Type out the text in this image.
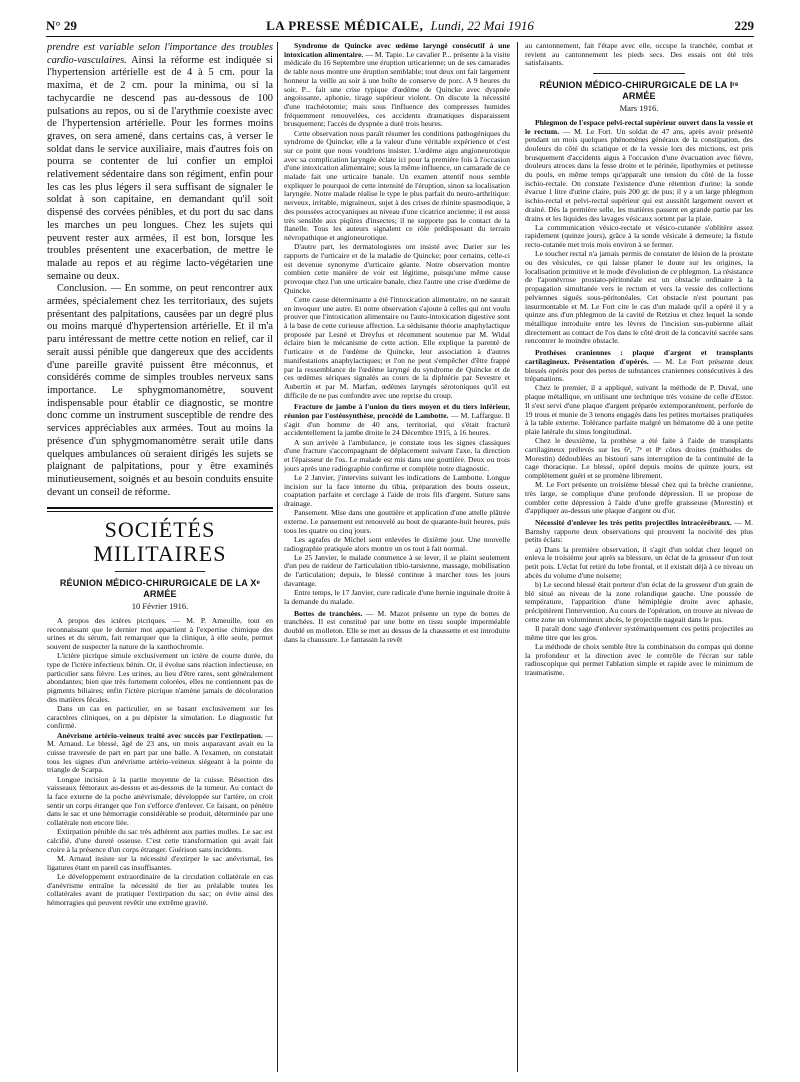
N° 29	LA PRESSE MÉDICALE, Lundi, 22 Mai 1916	229

prendre est variable selon l'importance des troubles cardio-vasculaires. Ainsi la réforme est indiquée si l'hypertension artérielle est de 4 à 5 cm. pour la maxima, et de 2 cm. pour la minima, ou si la tachycardie ne descend pas au-dessous de 100 pulsations au repos, ou si de l'arythmie coexiste avec de l'hypertension artérielle. Pour les formes moins graves, on sera amené, dans certains cas, à verser le soldat dans le service auxiliaire, mais d'autres fois on pourra se contenter de lui confier un emploi relativement sédentaire dans son régiment, enfin pour les cas les plus légers il sera suffisant de signaler le soldat à son capitaine, en demandant qu'il soit dispensé des corvées pénibles, et du port du sac dans les marches un peu longues. Chez les sujets qui peuvent rester aux armées, il est bon, lorsque les troubles présentent une exacerbation, de mettre le malade au repos et au régime lacto-végétarien une semaine ou deux.

Conclusion. — En somme, on peut rencontrer aux armées, spécialement chez les territoriaux, des sujets présentant des palpitations, causées par un degré plus ou moins marqué d'hypertension artérielle. Et il m'a paru intéressant de mettre cette notion en relief, car il serait aussi pénible que dangereux que des accidents d'une pareille gravité puissent être méconnus, et considérés comme de simples troubles nerveux sans importance. Le sphygmomanomètre, souvent indispensable pour établir ce diagnostic, se montre donc comme un instrument susceptible de rendre des services appréciables aux armées. Tout au moins la présence d'un sphygmomanomètre serait utile dans quelques ambulances où seraient dirigés les sujets se plaignant de palpitations, pour y être examinés minutieusement, soignés et au besoin conduits ensuite devant un conseil de réforme.

SOCIÉTÉS MILITAIRES
RÉUNION MÉDICO-CHIRURGICALE DE LA Xᵉ ARMÉE
10 Février 1916.

A propos des ictères picriques. — M. P. Ameuille, tout en reconnaissant que le dernier mot appartient à l'expertise chimique des urines et du sérum, fait remarquer que la clinique, à elle seule, permet souvent de suspecter la nature de la xanthochromie.

L'ictère picrique simule exclusivement un ictère de courte durée, du type de l'ictère infectieux bénin. Or, il évolue sans réaction infectieuse, en particulier sans fièvre. Les urines, au lieu d'être rares, sont généralement abondantes; bien que très fortement colorées, elles ne contiennent pas de pigments biliaires; enfin l'ictère picrique n'amène jamais de décoloration des matières fécales.

Dans un cas en particulier, en se basant exclusivement sur les caractères cliniques, on a pu dépister la simulation. Le diagnostic fut confirmé.

Anévrisme artério-veineux traité avec succès par l'extirpation. — M. Arnaud. Le blessé, âgé de 23 ans, un mois auparavant avait eu la cuisse traversée de part en part par une balle. A l'examen, on constatait tous les signes d'un anévrisme artério-veineux siégeant à la pointe du triangle de Scarpa.

Longue incision à la partie moyenne de la cuisse. Résection des vaisseaux fémoraux au-dessus et au-dessous de la tumeur. Au contact de la face externe de la poche anévrismale, développée sur l'artère, on croit sentir un corps étranger que l'on s'efforce d'enlever. Ce faisant, on pénètre dans le sac et une hémorragie considérable se produit, déterminée par une collatérale non encore liée.

Extirpation pénible du sac très adhérent aux parties molles. Le sac est calcifié, d'une dureté osseuse. C'est cette transformation qui avait fait croire à la présence d'un corps étranger. Guérison sans incidents.

M. Arnaud insiste sur la nécessité d'extirper le sac anévrismal, les ligatures étant en pareil cas insuffisantes.

Le développement extraordinaire de la circulation collatérale en cas d'anévrisme entraîne la nécessité de lier au préalable toutes les collatérales avant de pratiquer l'extirpation du sac; on évite ainsi des hémorragies qui peuvent revêtir une extrême gravité.

Syndrome de Quincke avec œdème laryngé consécutif à une intoxication alimentaire. — M. Tapie. Le cavalier P... présente à la visite médicale du 16 Septembre une éruption urticarienne; un de ses camarades de table nous montre une éruption semblable; tout deux ont fait largement honneur la veille au soir à une boîte de conserve de porc. A 9 heures du soir, P... fait une crise typique d'œdème de Quincke avec dyspnée angoissante, aphonie, tirage supérieur violent. On discute la nécessité d'une trachéotomie; mais sous l'influence des compresses humides fréquemment renouvelées, ces accidents dramatiques disparaissent brusquement; l'accès de dyspnée a duré trois heures.

Cette observation nous paraît résumer les conditions pathogéniques du syndrome de Quincke; elle a la valeur d'une véritable expérience et c'est sur ce point que nous voudrions insister. L'œdème aigu angioneurotique avec sa complication laryngée éclate ici pour la première fois à l'occasion d'une intoxication alimentaire; sous la même influence, un camarade de ce malade fait une urticaire banale. Un examen attentif nous semble expliquer le pourquoi de cette intensité de l'éruption, sinon sa localisation laryngée. Notre malade réalise le type le plus parfait du neuro-arthritique: nerveux, irritable, migraineux, sujet à des crises de rhinite spasmodique, à des poussées acrocyaniques au niveau d'une cicatrice ancienne; il est aussi très sensible aux piqûres d'insectes; il ne supporte pas le contact de la flanelle. Tous les auteurs signalent ce rôle prédisposant du terrain névropathique et angioneurotique.

D'autre part, les dermatologistes ont insisté avec Darier sur les rapports de l'urticaire et de la maladie de Quincke; pour certains, celle-ci est devenue synonyme d'urticaire géante. Notre observation montre combien cette manière de voir est légitime, puisqu'une même cause provoque chez l'un une urticaire banale, chez l'autre une crise d'œdème de Quincke.

Cette cause déterminante a été l'intoxication alimentaire, on ne saurait en invoquer une autre. Et notre observation s'ajoute à celles qui ont voulu prouver que l'intoxication alimentaire ou l'auto-intoxication digestive sont à la base de cette curieuse affection. La séduisante théorie anaphylactique proposée par Lesné et Dreyfus et récemment soutenue par M. Widal éclaire bien le mécanisme de cette action. Elle explique la parenté de l'urticaire et de l'œdème de Quincke, leur association à d'autres manifestations anaphylactiques; et l'on ne peut s'empêcher d'être frappé par la ressemblance de l'œdème laryngé du syndrome de Quincke et de ces œdèmes sériques signalés au cours de la diphtérie par Sevestre et Aubertin et par M. Marfan, œdèmes laryngés sérotoniques qu'il est difficile de ne pas confondre avec une reprise du croup.

Fracture de jambe à l'union du tiers moyen et du tiers inférieur, réunion par l'ostéosynthèse, procédé de Lambotte. — M. Laffargue. Il s'agit d'un homme de 40 ans, territorial, qui s'était fracturé accidentellement la jambe droite le 24 Décembre 1915, à 16 heures.

A son arrivée à l'ambulance, je constate tous les signes classiques d'une fracture s'accompagnant de déplacement suivant l'axe, la direction et l'épaisseur de l'os. Le malade est mis dans une gouttière. Deux ou trois jours après une radiographie confirme et complète notre diagnostic.

Le 2 Janvier, j'intervins suivant les indications de Lambotte. Longue incision sur la face interne du tibia, préparation des bouts osseux, coaptation parfaite et cerclage à l'aide de trois fils d'argent. Suture sans drainage.

Pansement. Mise dans une gouttière et application d'une attelle plâtrée externe. Le pansement est renouvelé au bout de quarante-huit heures, puis tous les quatre ou cinq jours.

Les agrafes de Michel sont enlevées le dixième jour. Une nouvelle radiographie pratiquée alors montre un os tout à fait normal.

Le 25 Janvier, le malade commence à se lever, il se plaint seulement d'un peu de raideur de l'articulation tibio-tarsienne, massage, mobilisation de l'articulation; depuis, le blessé continue à marcher tous les jours davantage.

Entre temps, le 17 Janvier, cure radicale d'une hernie inguinale droite à la demande du malade.

Bottes de tranchées. — M. Mazot présente un type de bottes de tranchées. Il est constitué par une botte en tissu souple imperméable doublé en molleton. Elle se met au dessus de la chaussette et est introduite dans la chaussure. Le fantassin la revêt

au cantonnement, fait l'étape avec elle, occupe la tranchée, combat et revient au cantonnement les pieds secs. Des essais ont été très satisfaisants.

RÉUNION MÉDICO-CHIRURGICALE DE LA Iʳᵉ ARMÉE
Mars 1916.

Phlegmon de l'espace pelvi-rectal supérieur ouvert dans la vessie et le rectum. — M. Le Fort. Un soldat de 47 ans, après avoir présenté pendant un mois quelques phénomènes généraux de la constipation, des douleurs du côté du sciatique et de la vessie lors des mictions, est pris brusquement d'accidents aigus à l'occasion d'une évacuation avec fièvre, douleurs atroces dans la fesse droite et le périnée, lipothymies et petitesse du pouls, en même temps qu'apparaît une tension du côté de la fosse ischio-rectale. On constate l'existence d'une rétention d'urine: la sonde évacue 1 litre d'urine claire, puis 200 gr. de pus; il y a un large phlegmon ischio-rectal et pelvi-rectal supérieur qui est aussitôt largement ouvert et drainé. Dès la première selle, les matières passent en grande partie par les drains et les liquides des lavages vésicaux sortent par la plaie.

La communication vésico-rectale et vésico-cutanée s'oblitère assez rapidement (quinze jours), grâce à la sonde vésicale à demeure; la fistule recto-cutanée met trois mois environ à se fermer.

Le toucher rectal n'a jamais permis de constater de lésion de la prostate ou des vésicules, ce qui laisse planer le doute sur les origines, la localisation primitive et le mode d'évolution de ce phlegmon. La résistance de l'aponévrose prostato-péritonéale est un obstacle ordinaire à la propagation simultanée vers le rectum et vers la vessie des collections pelviennes sigués sous-péritonéales. Cet obstacle n'est pourtant pas insurmontable et M. Le Fort cite le cas d'un malade qu'il a opéré il y a quinze ans d'un phlegmon de la cavité de Retzius et chez lequel la sonde métallique introduite entre les lèvres de l'incision sus-pubienne allait directement au contact de l'os dans le côté droit de la concavité sacrée sans rencontrer le moindre obstacle.

Prothèses craniennes : plaque d'argent et transplants cartilagineux. Présentation d'opérés. — M. Le Fort présente deux blessés opérés pour des pertes de substances craniennes consécutives à des trépanations.

Chez le premier, il a appliqué, suivant la méthode de P. Duval, une plaque métallique, en utilisant une technique très voisine de celle d'Estor. Il s'est servi d'une plaque d'argent préparée extemporanément, perforée de 19 trous et munie de 3 tenons engagés dans les petites mortaises pratiquées à la table externe. Tolérance parfaite malgré un hématome dû à une petite plaie latérale du sinus longitudinal.

Chez le deuxième, la prothèse a été faite à l'aide de transplants cartilagineux prélevés sur les 6ᵉ, 7ᵉ et 8ᵉ côtes droites (méthodes de Morestin) dédoublées au bistouri sans interruption de la continuité de la cage thoracique. Le blessé, opéré depuis moins de quinze jours, est complètement guéri et se promène librement.

M. Le Fort présente un troisième blessé chez qui la brèche cranienne, très large, se complique d'une profonde dépression. Il se propose de combler cette dépression à l'aide d'une greffe graisseuse (Morestin) et d'appliquer au-dessus une plaque d'argent ou d'or.

Nécessité d'enlever les très petits projectiles intracérébraux. — M. Barnsby rapporte deux observations qui prouvent la nocivité des plus petits éclats:

a) Dans la première observation, il s'agit d'un soldat chez lequel on enleva le troisième jour après sa blessure, un éclat de la grosseur d'un tout petit pois. L'éclat fut retiré du lobe frontal, et il existait déjà à ce niveau un abcès du volume d'une noisette;

b) Le second blessé était porteur d'un éclat de la grosseur d'un grain de blé situé au niveau de la zone rolandique gauche. Une poussée de température, l'apparition d'une hémiplégie droite avec aphasie, précipitèrent l'intervention. Au cours de l'opération, on trouve au niveau de cette zone un volumineux abcès, le projectile nageait dans le pus.

Il paraît donc sage d'enlever systématiquement ces petits projectiles au même titre que les gros.

La méthode de choix semble être la combinaison du compas qui donne la profondeur et la direction avec le contrôle de l'écran sur table radioscopique qui permet l'ablation simple et rapide avec le minimum de traumatisme.
